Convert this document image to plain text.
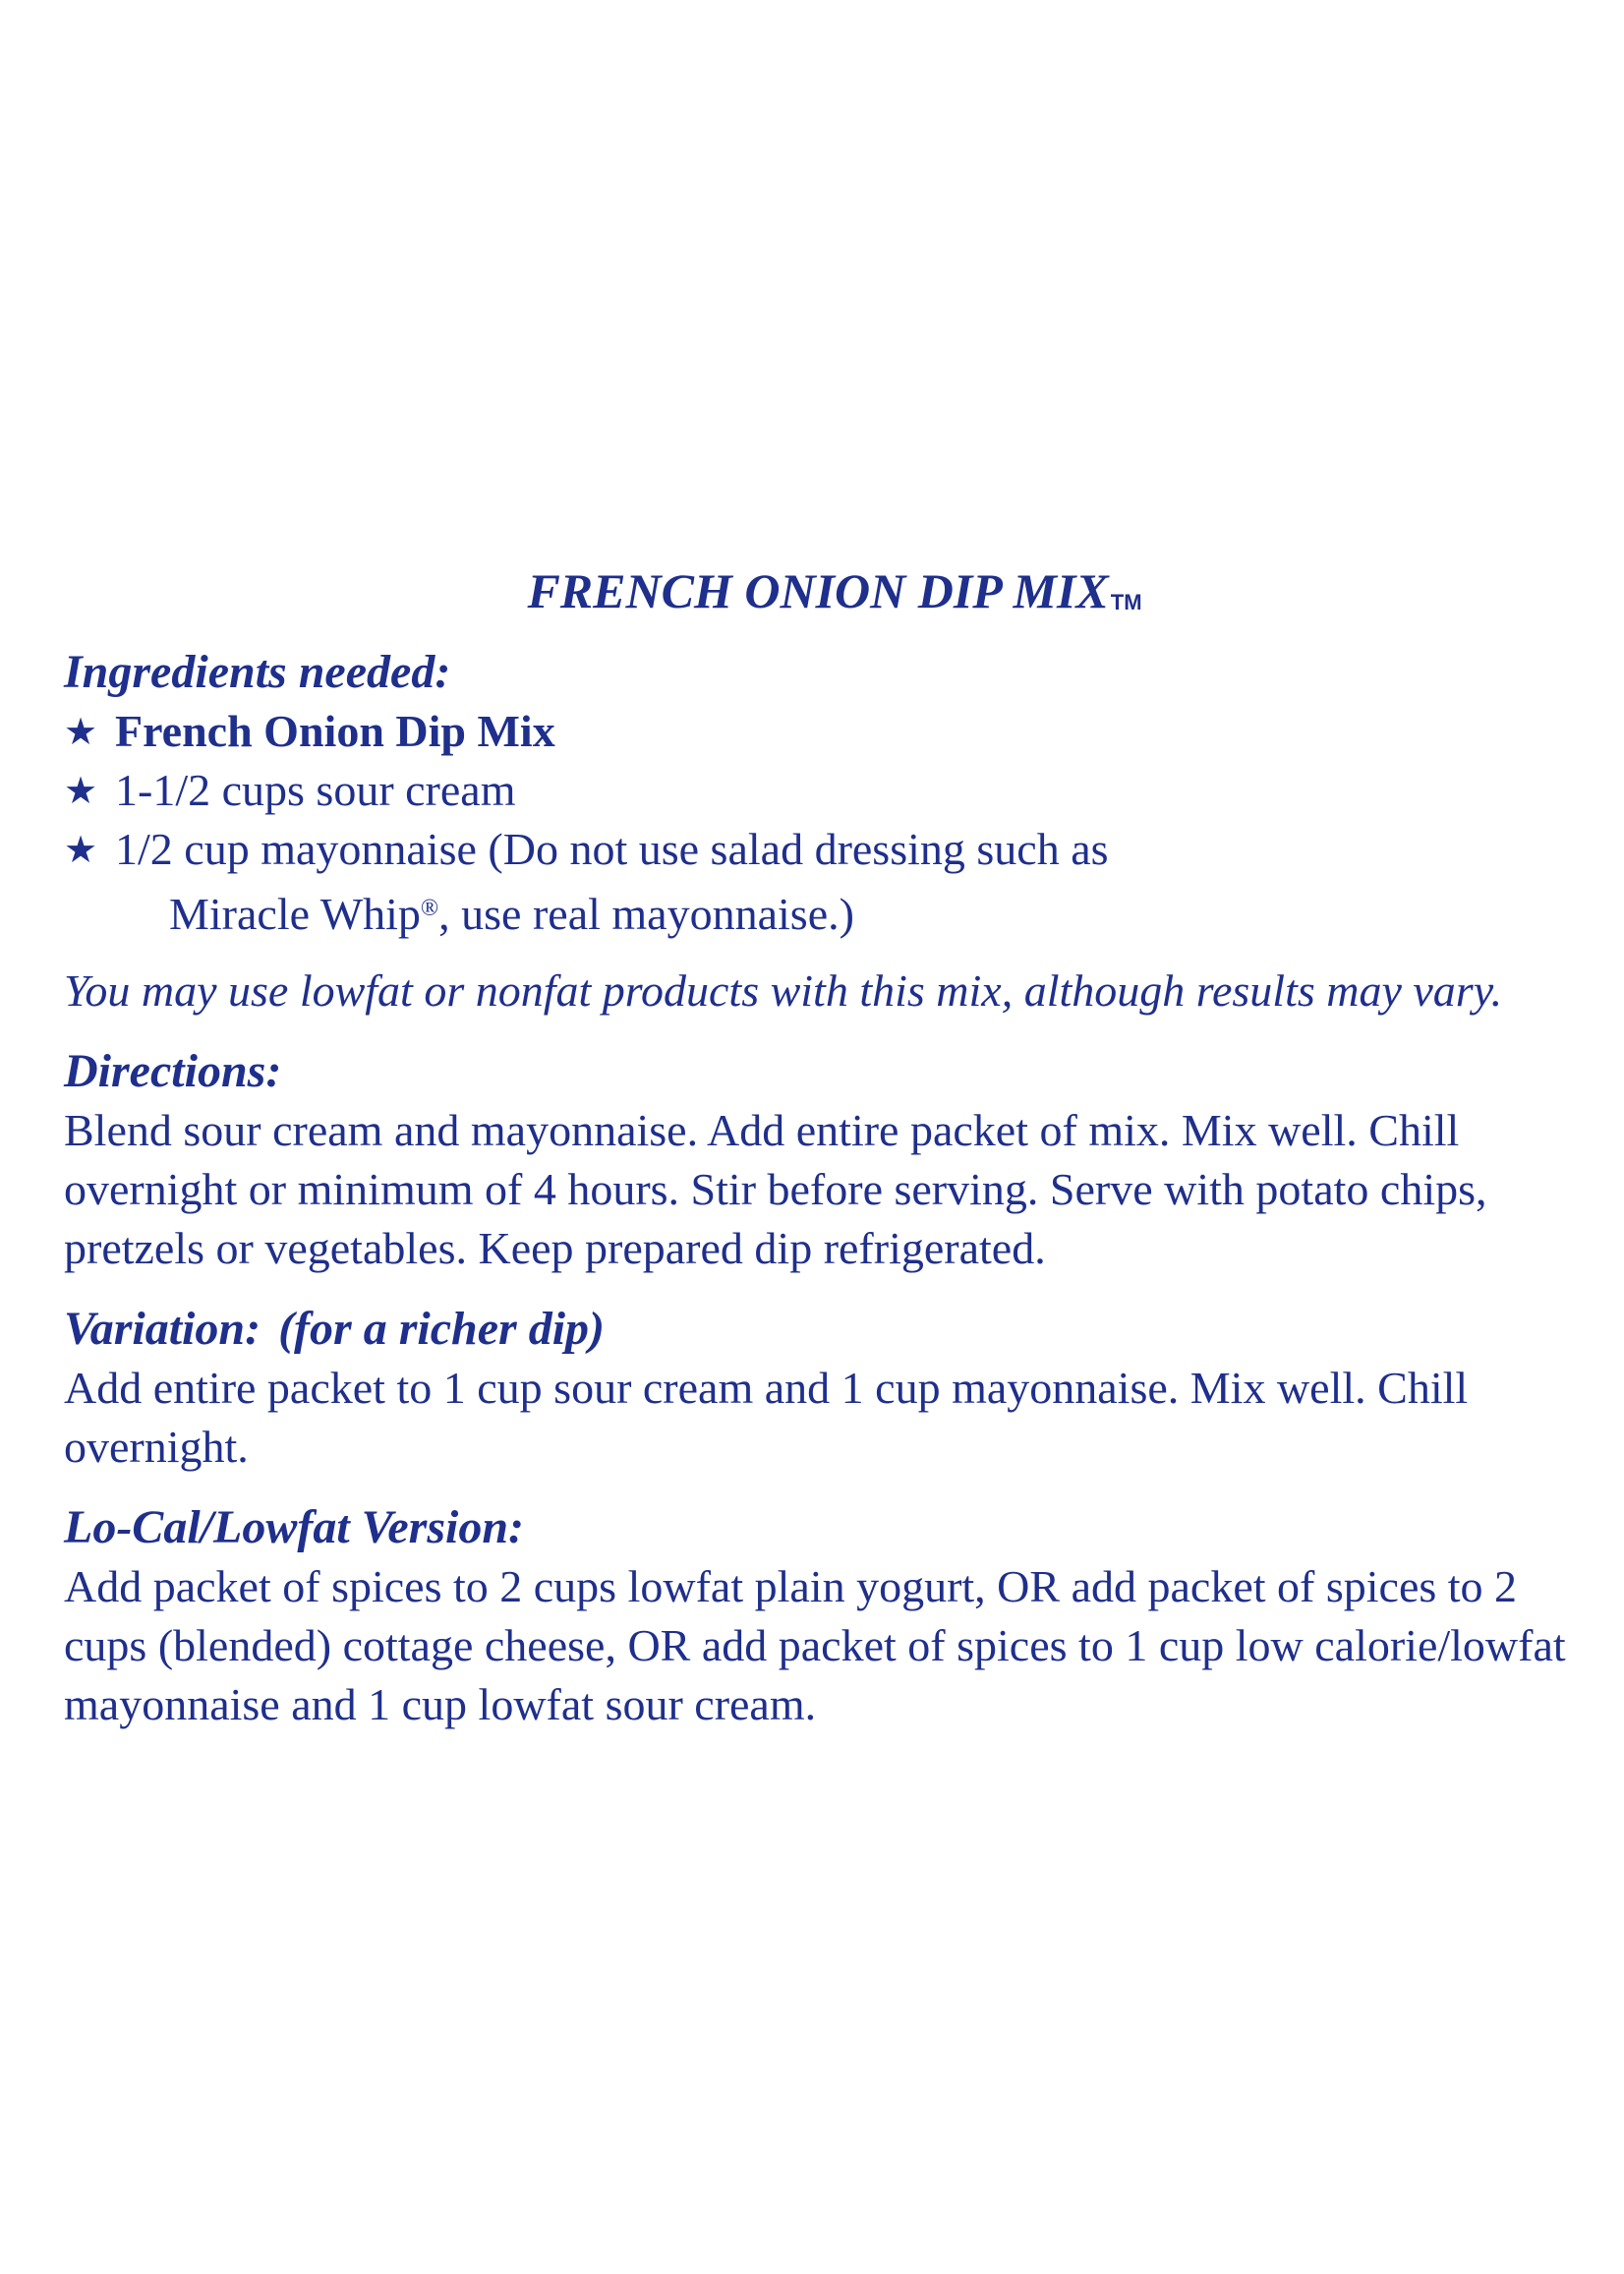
FRENCH ONION DIP MIXTM
Ingredients needed:
★ French Onion Dip Mix
★ 1-1/2 cups sour cream
★ 1/2 cup mayonnaise (Do not use salad dressing such as
Miracle Whip®, use real mayonnaise.)

You may use lowfat or nonfat products with this mix, although results may vary.

Directions:

Blend sour cream and mayonnaise. Add entire packet of mix. Mix well. Chill overnight or minimum of 4 hours. Stir before serving. Serve with potato chips, pretzels or vegetables. Keep prepared dip refrigerated.

Variation: (for a richer dip)

Add entire packet to 1 cup sour cream and 1 cup mayonnaise. Mix well. Chill overnight.

Lo-Cal/Lowfat Version:

Add packet of spices to 2 cups lowfat plain yogurt, OR add packet of spices to 2 cups (blended) cottage cheese, OR add packet of spices to 1 cup low calorie/lowfat mayonnaise and 1 cup lowfat sour cream.
